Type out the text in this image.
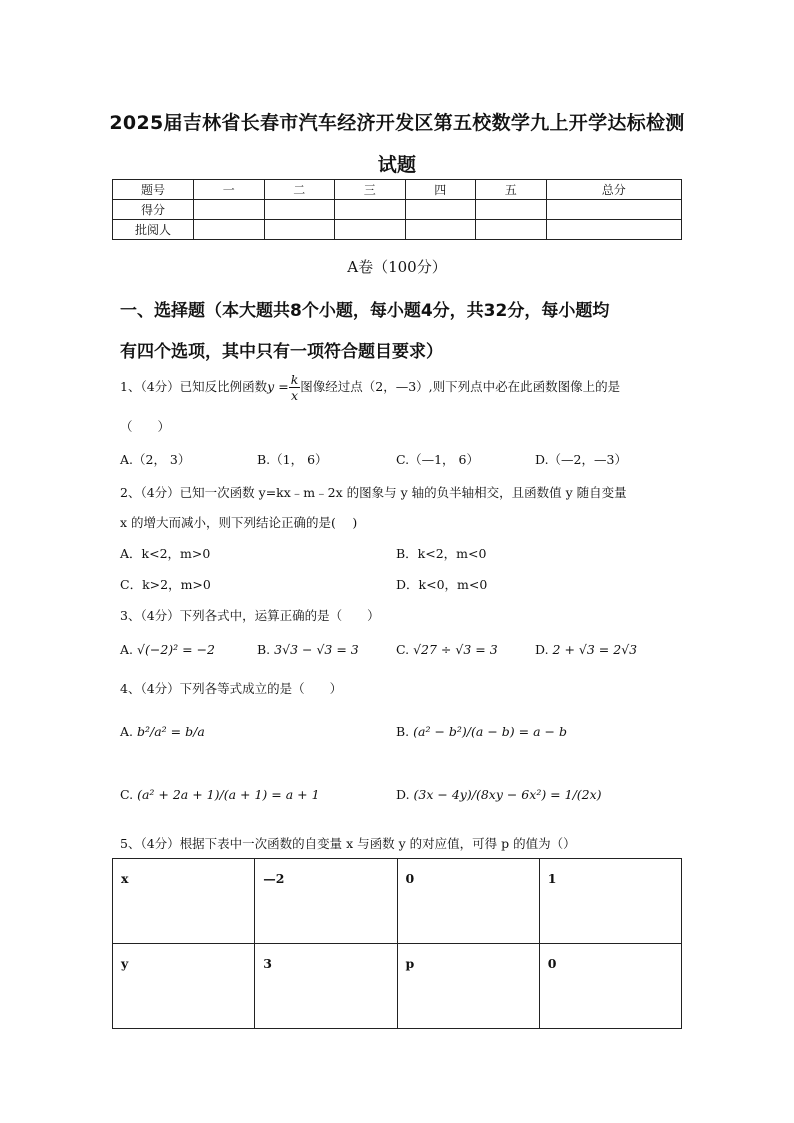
2025届吉林省长春市汽车经济开发区第五校数学九上开学达标检测
试题
题号	一	二	三	四	五	总分
得分						
批阅人						
A卷（100分）
一、选择题（本大题共8个小题，每小题4分，共32分，每小题均
有四个选项，其中只有一项符合题目要求）
1、（4分）已知反比例函数$y = \frac{k}{x}$ 图像经过点（2，—3）,则下列点中必在此函数图像上的是
（　　）
A.（2， 3）	B.（1， 6）	C.（—1， 6）	D.（—2，—3）
2、（4分）已知一次函数 y=kx﹣m﹣2x 的图象与 y 轴的负半轴相交，且函数值 y 随自变量
x 的增大而减小，则下列结论正确的是(　 )
A．k<2，m>0	B．k<2，m<0
C．k>2，m>0	D．k<0，m<0
3、（4分）下列各式中，运算正确的是（　　）
A. √(−2)² = −2	B. 3√3 − √3 = 3	C. √27 ÷ √3 = 3	D. 2 + √3 = 2√3
4、（4分）下列各等式成立的是（　　）
A. b²/a² = b/a	B. (a² − b²)/(a − b) = a − b
C. (a² + 2a + 1)/(a + 1) = a + 1	D. (3x − 4y)/(8xy − 6x²) = 1/(2x)
5、（4分）根据下表中一次函数的自变量 x 与函数 y 的对应值，可得 p 的值为（）
x	—2	0	1
y	3	p	0
